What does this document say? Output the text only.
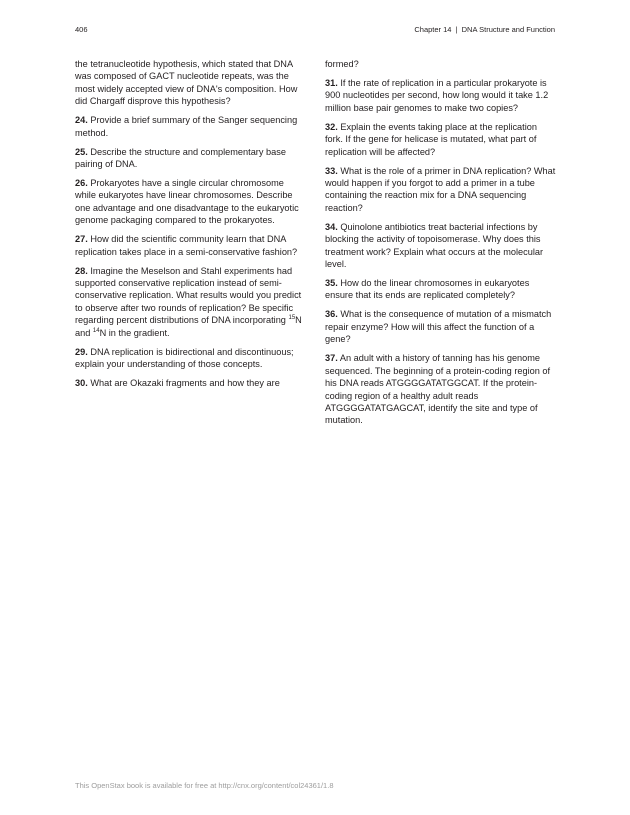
406	Chapter 14 | DNA Structure and Function

the tetranucleotide hypothesis, which stated that DNA was composed of GACT nucleotide repeats, was the most widely accepted view of DNA's composition. How did Chargaff disprove this hypothesis?

24. Provide a brief summary of the Sanger sequencing method.

25. Describe the structure and complementary base pairing of DNA.

26. Prokaryotes have a single circular chromosome while eukaryotes have linear chromosomes. Describe one advantage and one disadvantage to the eukaryotic genome packaging compared to the prokaryotes.

27. How did the scientific community learn that DNA replication takes place in a semi-conservative fashion?

28. Imagine the Meselson and Stahl experiments had supported conservative replication instead of semi-conservative replication. What results would you predict to observe after two rounds of replication? Be specific regarding percent distributions of DNA incorporating $^{15}$N and $^{14}$N in the gradient.

29. DNA replication is bidirectional and discontinuous; explain your understanding of those concepts.

30. What are Okazaki fragments and how they are

formed?

31. If the rate of replication in a particular prokaryote is 900 nucleotides per second, how long would it take 1.2 million base pair genomes to make two copies?

32. Explain the events taking place at the replication fork. If the gene for helicase is mutated, what part of replication will be affected?

33. What is the role of a primer in DNA replication? What would happen if you forgot to add a primer in a tube containing the reaction mix for a DNA sequencing reaction?

34. Quinolone antibiotics treat bacterial infections by blocking the activity of topoisomerase. Why does this treatment work? Explain what occurs at the molecular level.

35. How do the linear chromosomes in eukaryotes ensure that its ends are replicated completely?

36. What is the consequence of mutation of a mismatch repair enzyme? How will this affect the function of a gene?

37. An adult with a history of tanning has his genome sequenced. The beginning of a protein-coding region of his DNA reads ATGGGGATATGGCAT. If the protein-coding region of a healthy adult reads ATGGGGATATGAGCAT, identify the site and type of mutation.

This OpenStax book is available for free at http://cnx.org/content/col24361/1.8
